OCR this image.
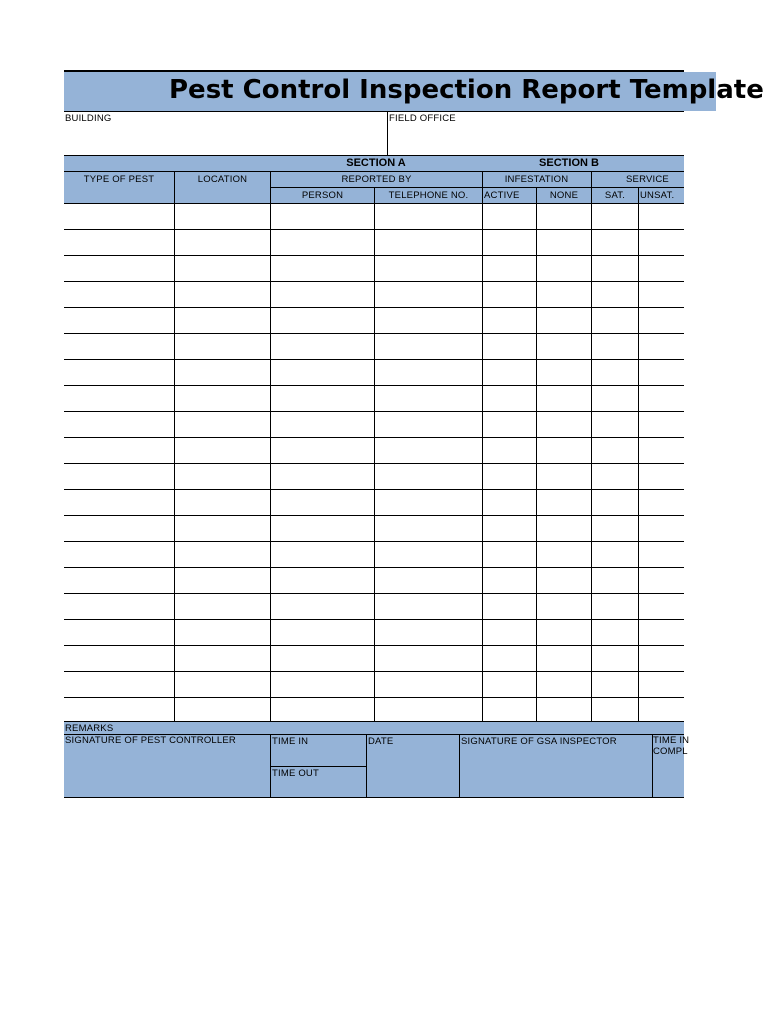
Pest Control Inspection Report Template
BUILDING	FIELD OFFICE
SECTION A	SECTION B
TYPE OF PEST	LOCATION	REPORTED BY	INFESTATION	SERVICE
PERSON	TELEPHONE NO.	ACTIVE	NONE	SAT.	UNSAT.
REMARKS
SIGNATURE OF PEST CONTROLLER	TIME IN
TIME OUT
DATE	SIGNATURE OF GSA INSPECTOR	TIME IN COMPL
